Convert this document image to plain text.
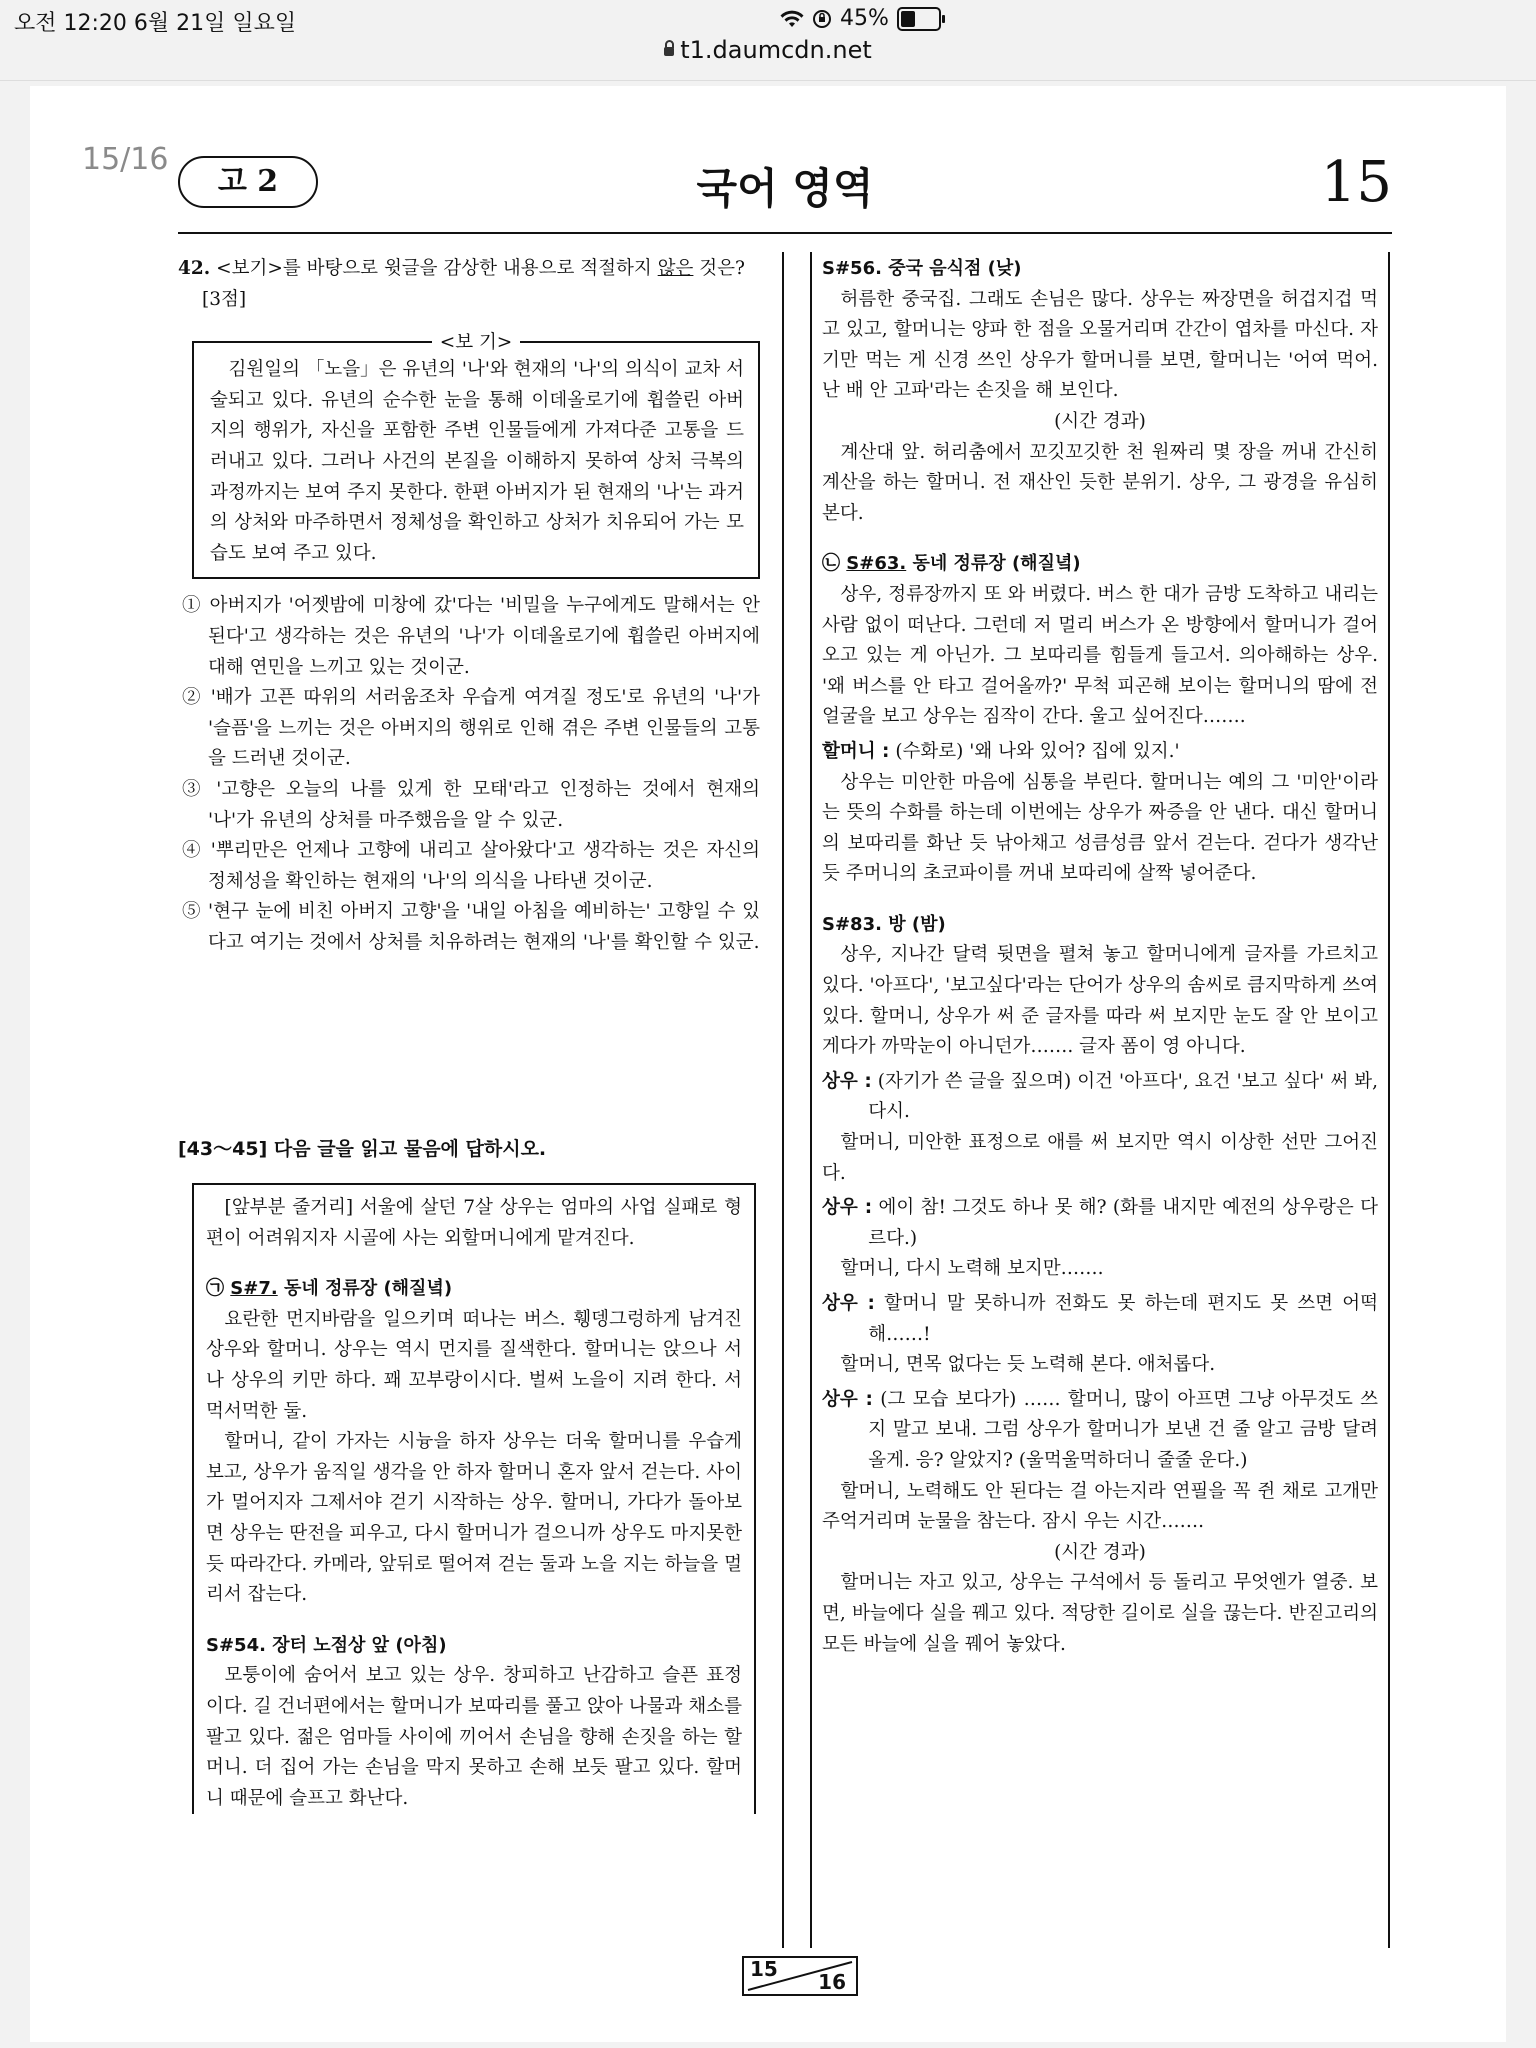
오전 12:20 6월 21일 일요일	45%
t1.daumcdn.net
15/16
고 2	국어 영역	15

42. <보기>를 바탕으로 윗글을 감상한 내용으로 적절하지 않은 것은? [3점]

<보 기>

김원일의 「노을」은 유년의 '나'와 현재의 '나'의 의식이 교차 서술되고 있다. 유년의 순수한 눈을 통해 이데올로기에 휩쓸린 아버지의 행위가, 자신을 포함한 주변 인물들에게 가져다준 고통을 드러내고 있다. 그러나 사건의 본질을 이해하지 못하여 상처 극복의 과정까지는 보여 주지 못한다. 한편 아버지가 된 현재의 '나'는 과거의 상처와 마주하면서 정체성을 확인하고 상처가 치유되어 가는 모습도 보여 주고 있다.

① 아버지가 '어젯밤에 미창에 갔'다는 '비밀을 누구에게도 말해서는 안 된다'고 생각하는 것은 유년의 '나'가 이데올로기에 휩쓸린 아버지에 대해 연민을 느끼고 있는 것이군.

② '배가 고픈 따위의 서러움조차 우습게 여겨질 정도'로 유년의 '나'가 '슬픔'을 느끼는 것은 아버지의 행위로 인해 겪은 주변 인물들의 고통을 드러낸 것이군.

③ '고향은 오늘의 나를 있게 한 모태'라고 인정하는 것에서 현재의 '나'가 유년의 상처를 마주했음을 알 수 있군.

④ '뿌리만은 언제나 고향에 내리고 살아왔다'고 생각하는 것은 자신의 정체성을 확인하는 현재의 '나'의 의식을 나타낸 것이군.

⑤ '현구 눈에 비친 아버지 고향'을 '내일 아침을 예비하는' 고향일 수 있다고 여기는 것에서 상처를 치유하려는 현재의 '나'를 확인할 수 있군.

[43～45] 다음 글을 읽고 물음에 답하시오.

[앞부분 줄거리] 서울에 살던 7살 상우는 엄마의 사업 실패로 형편이 어려워지자 시골에 사는 외할머니에게 맡겨진다.

㉠ S#7. 동네 정류장 (해질녘)

요란한 먼지바람을 일으키며 떠나는 버스. 휑뎅그렁하게 남겨진 상우와 할머니. 상우는 역시 먼지를 질색한다. 할머니는 앉으나 서나 상우의 키만 하다. 꽤 꼬부랑이시다. 벌써 노을이 지려 한다. 서먹서먹한 둘.

할머니, 같이 가자는 시늉을 하자 상우는 더욱 할머니를 우습게 보고, 상우가 움직일 생각을 안 하자 할머니 혼자 앞서 걷는다. 사이가 멀어지자 그제서야 걷기 시작하는 상우. 할머니, 가다가 돌아보면 상우는 딴전을 피우고, 다시 할머니가 걸으니까 상우도 마지못한 듯 따라간다. 카메라, 앞뒤로 떨어져 걷는 둘과 노을 지는 하늘을 멀리서 잡는다.

S#54. 장터 노점상 앞 (아침)

모퉁이에 숨어서 보고 있는 상우. 창피하고 난감하고 슬픈 표정이다. 길 건너편에서는 할머니가 보따리를 풀고 앉아 나물과 채소를 팔고 있다. 젊은 엄마들 사이에 끼어서 손님을 향해 손짓을 하는 할머니. 더 집어 가는 손님을 막지 못하고 손해 보듯 팔고 있다. 할머니 때문에 슬프고 화난다.

S#56. 중국 음식점 (낮)

허름한 중국집. 그래도 손님은 많다. 상우는 짜장면을 허겁지겁 먹고 있고, 할머니는 양파 한 점을 오물거리며 간간이 엽차를 마신다. 자기만 먹는 게 신경 쓰인 상우가 할머니를 보면, 할머니는 '어여 먹어. 난 배 안 고파'라는 손짓을 해 보인다.

(시간 경과)

계산대 앞. 허리춤에서 꼬깃꼬깃한 천 원짜리 몇 장을 꺼내 간신히 계산을 하는 할머니. 전 재산인 듯한 분위기. 상우, 그 광경을 유심히 본다.

㉡ S#63. 동네 정류장 (해질녘)

상우, 정류장까지 또 와 버렸다. 버스 한 대가 금방 도착하고 내리는 사람 없이 떠난다. 그런데 저 멀리 버스가 온 방향에서 할머니가 걸어오고 있는 게 아닌가. 그 보따리를 힘들게 들고서. 의아해하는 상우. '왜 버스를 안 타고 걸어올까?' 무척 피곤해 보이는 할머니의 땀에 전 얼굴을 보고 상우는 짐작이 간다. 울고 싶어진다…….

할머니 : (수화로) '왜 나와 있어? 집에 있지.'

상우는 미안한 마음에 심통을 부린다. 할머니는 예의 그 '미안'이라는 뜻의 수화를 하는데 이번에는 상우가 짜증을 안 낸다. 대신 할머니의 보따리를 화난 듯 낚아채고 성큼성큼 앞서 걷는다. 걷다가 생각난 듯 주머니의 초코파이를 꺼내 보따리에 살짝 넣어준다.

S#83. 방 (밤)

상우, 지나간 달력 뒷면을 펼쳐 놓고 할머니에게 글자를 가르치고 있다. '아프다', '보고싶다'라는 단어가 상우의 솜씨로 큼지막하게 쓰여 있다. 할머니, 상우가 써 준 글자를 따라 써 보지만 눈도 잘 안 보이고 게다가 까막눈이 아니던가……. 글자 폼이 영 아니다.

상우 : (자기가 쓴 글을 짚으며) 이건 '아프다', 요건 '보고 싶다' 써 봐, 다시.

할머니, 미안한 표정으로 애를 써 보지만 역시 이상한 선만 그어진다.

상우 : 에이 참! 그것도 하나 못 해? (화를 내지만 예전의 상우랑은 다르다.)

할머니, 다시 노력해 보지만…….

상우 : 할머니 말 못하니까 전화도 못 하는데 편지도 못 쓰면 어떡해……!

할머니, 면목 없다는 듯 노력해 본다. 애처롭다.

상우 : (그 모습 보다가) …… 할머니, 많이 아프면 그냥 아무것도 쓰지 말고 보내. 그럼 상우가 할머니가 보낸 건 줄 알고 금방 달려올게. 응? 알았지? (울먹울먹하더니 줄줄 운다.)

할머니, 노력해도 안 된다는 걸 아는지라 연필을 꼭 쥔 채로 고개만 주억거리며 눈물을 참는다. 잠시 우는 시간…….

(시간 경과)

할머니는 자고 있고, 상우는 구석에서 등 돌리고 무엇엔가 열중. 보면, 바늘에다 실을 꿰고 있다. 적당한 길이로 실을 끊는다. 반짇고리의 모든 바늘에 실을 꿰어 놓았다.

15
16
